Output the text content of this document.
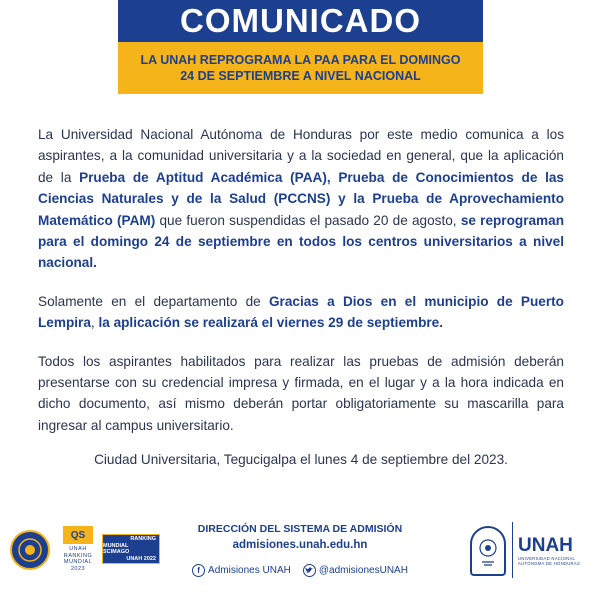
COMUNICADO
LA UNAH REPROGRAMA LA PAA PARA EL DOMINGO
24 DE SEPTIEMBRE A NIVEL NACIONAL

La Universidad Nacional Autónoma de Honduras por este medio comunica a los aspirantes, a la comunidad universitaria y a la sociedad en general, que la aplicación de la Prueba de Aptitud Académica (PAA), Prueba de Conocimientos de las Ciencias Naturales y de la Salud (PCCNS) y la Prueba de Aprovechamiento Matemático (PAM) que fueron suspendidas el pasado 20 de agosto, se reprograman para el domingo 24 de septiembre en todos los centros universitarios a nivel nacional.

Solamente en el departamento de Gracias a Dios en el municipio de Puerto Lempira, la aplicación se realizará el viernes 29 de septiembre.

Todos los aspirantes habilitados para realizar las pruebas de admisión deberán presentarse con su credencial impresa y firmada, en el lugar y a la hora indicada en dicho documento, así mismo deberán portar obligatoriamente su mascarilla para ingresar al campus universitario.

Ciudad Universitaria, Tegucigalpa el lunes 4 de septiembre del 2023.
QS
UNAH
RANKING
MUNDIAL
2023
RANKING
MUNDIAL SCIMAGO
UNAH 2022
DIRECCIÓN DEL SISTEMA DE ADMISIÓN
admisiones.unah.edu.hn
f Admisiones UNAH	@admisionesUNAH
UNAH
UNIVERSIDAD NACIONAL
AUTÓNOMA DE HONDURAS
